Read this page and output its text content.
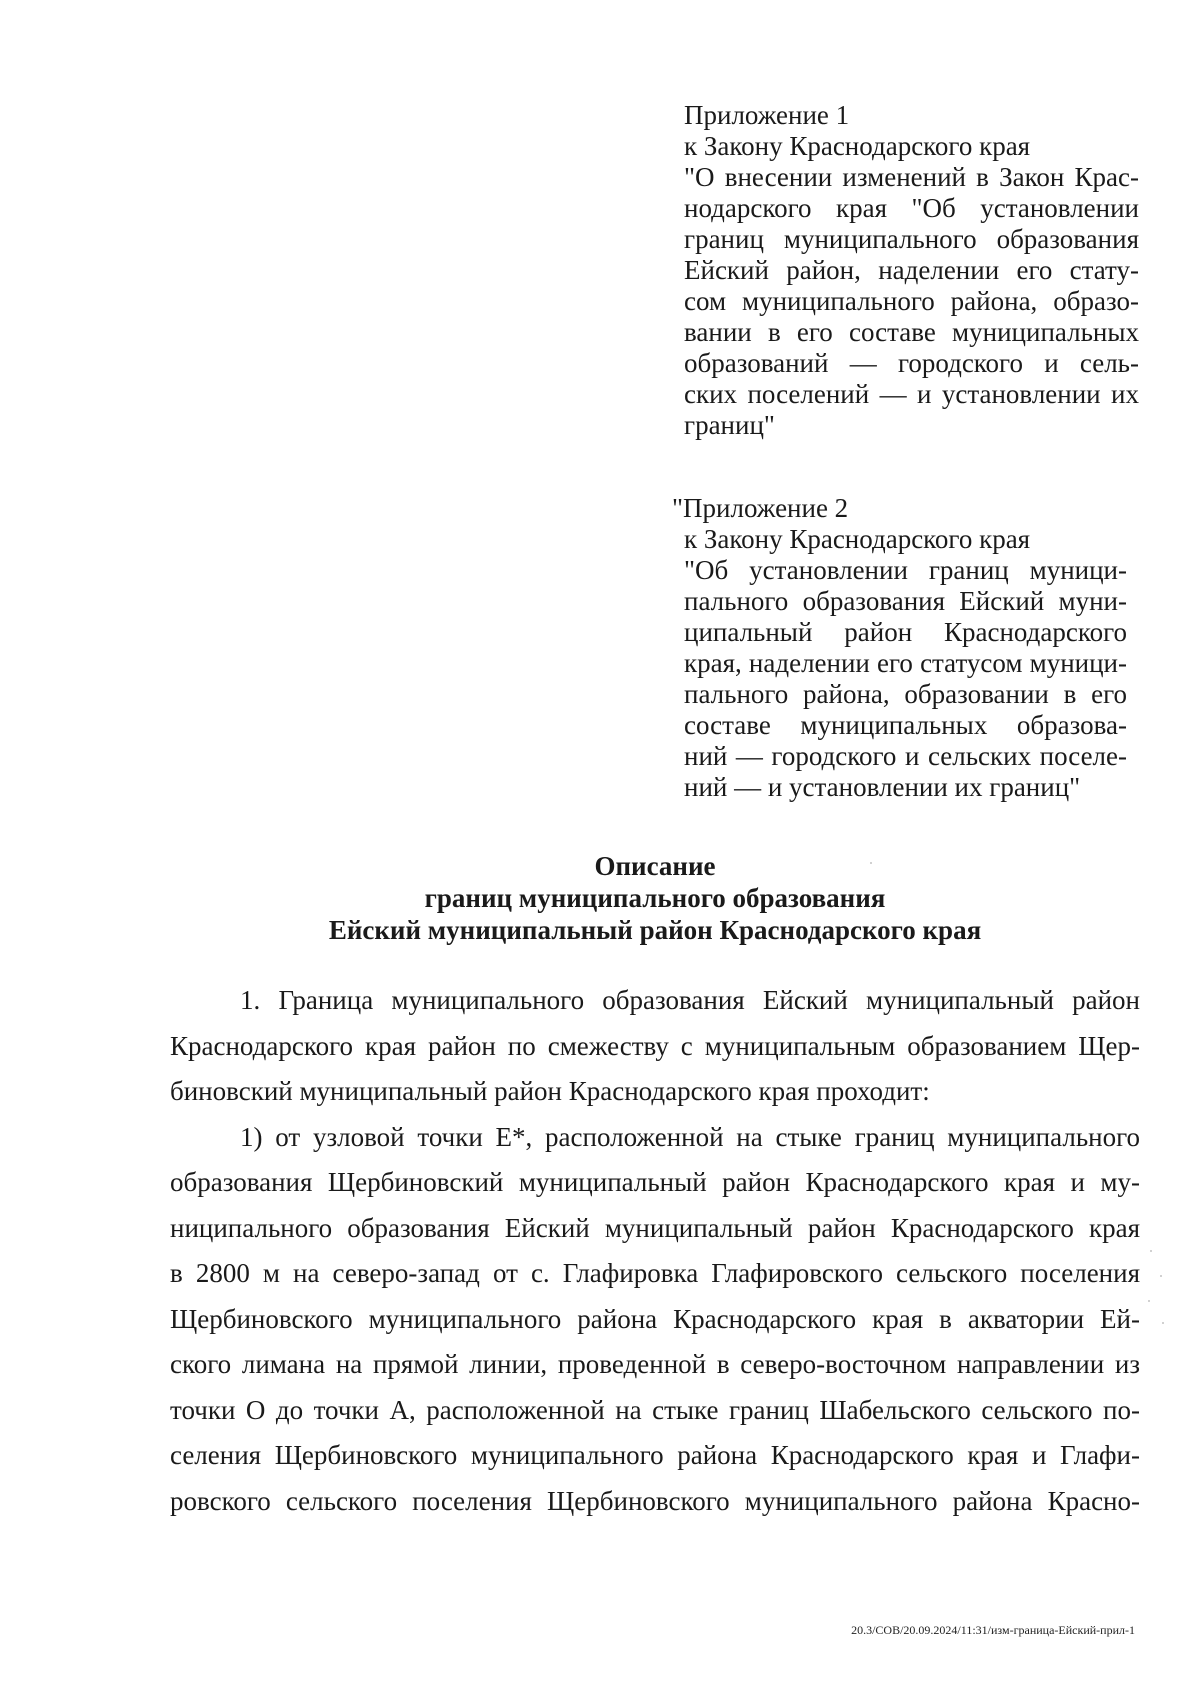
Приложение 1
к Закону Краснодарского края
"О внесении изменений в Закон Крас-
нодарского края "Об установлении
границ муниципального образования
Ейский район, наделении его стату-
сом муниципального района, образо-
вании в его составе муниципальных
образований — городского и сель-
ских поселений — и установлении их
границ"
"Приложение 2
к Закону Краснодарского края
"Об установлении границ муници-
пального образования Ейский муни-
ципальный район Краснодарского
края, наделении его статусом муници-
пального района, образовании в его
составе муниципальных образова-
ний — городского и сельских поселе-
ний — и установлении их границ"
Описание
границ муниципального образования
Ейский муниципальный район Краснодарского края
1. Граница муниципального образования Ейский муниципальный район
Краснодарского края район по смежеству с муниципальным образованием Щер-
биновский муниципальный район Краснодарского края проходит:
1) от узловой точки Е*, расположенной на стыке границ муниципального
образования Щербиновский муниципальный район Краснодарского края и му-
ниципального образования Ейский муниципальный район Краснодарского края
в 2800 м на северо-запад от с. Глафировка Глафировского сельского поселения
Щербиновского муниципального района Краснодарского края в акватории Ей-
ского лимана на прямой линии, проведенной в северо-восточном направлении из
точки О до точки А, расположенной на стыке границ Шабельского сельского по-
селения Щербиновского муниципального района Краснодарского края и Глафи-
ровского сельского поселения Щербиновского муниципального района Красно-
20.3/СОВ/20.09.2024/11:31/изм-граница-Ейский-прил-1
